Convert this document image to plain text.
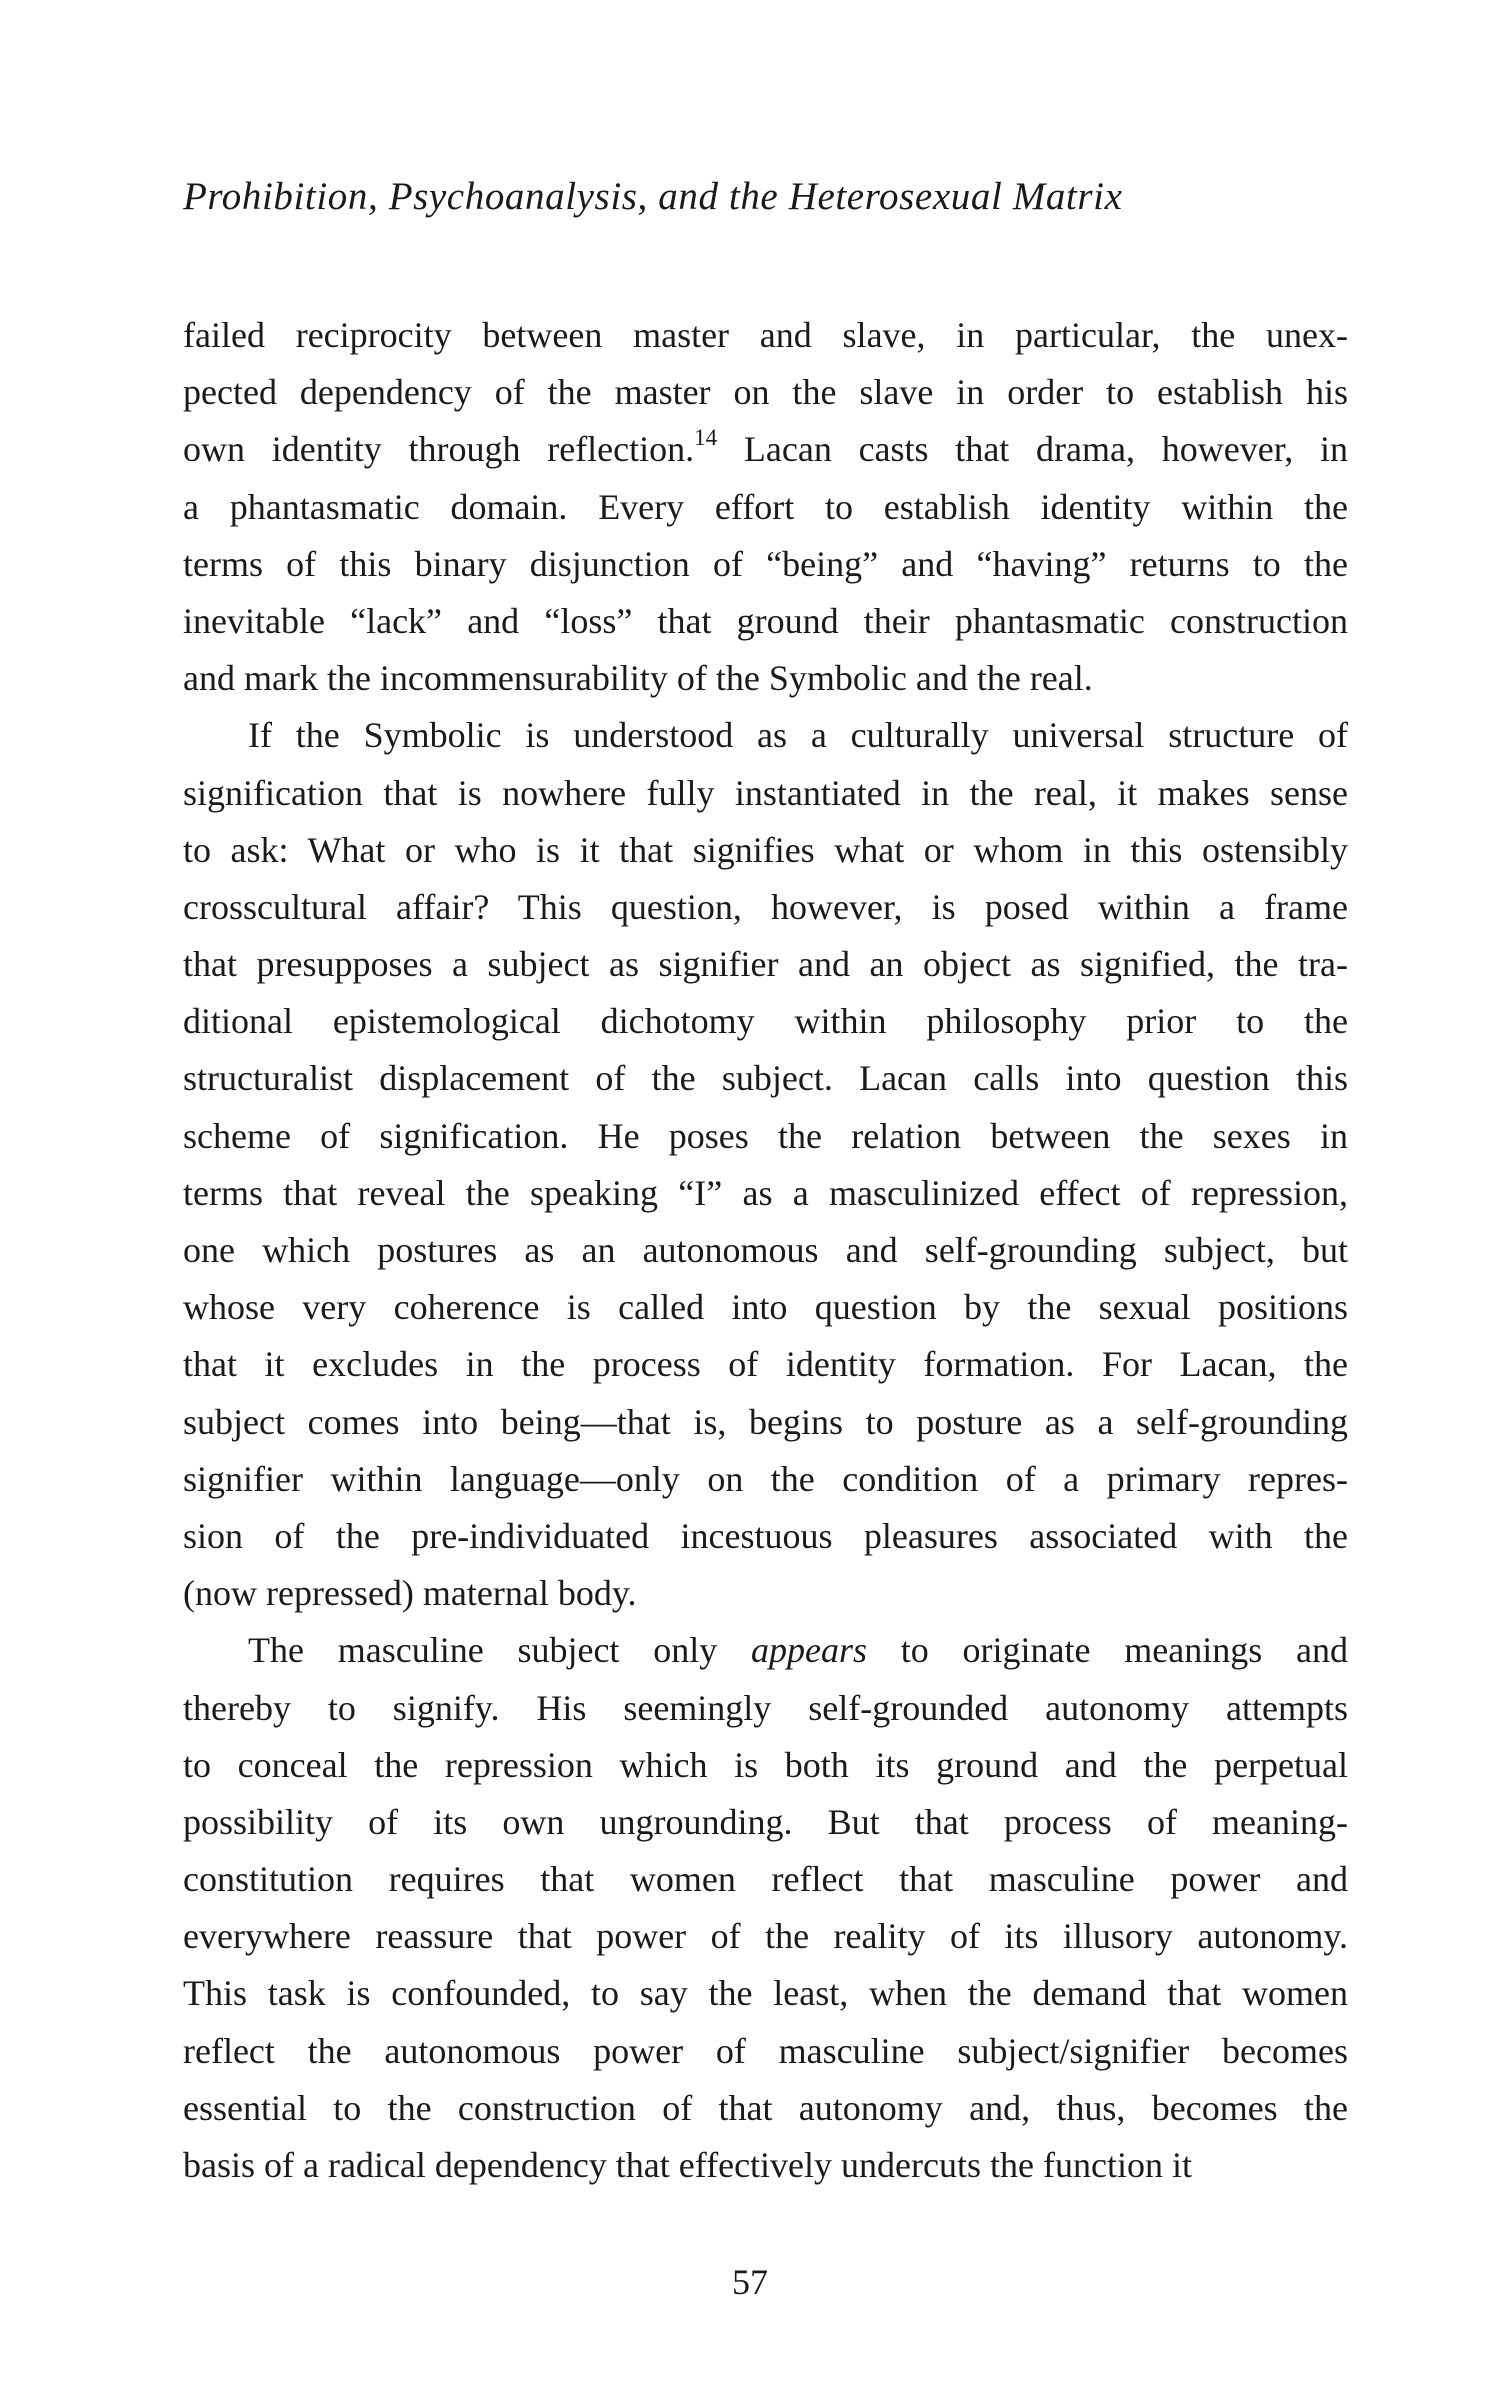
Prohibition, Psychoanalysis, and the Heterosexual Matrix
failed reciprocity between master and slave, in particular, the unex-
pected dependency of the master on the slave in order to establish his
own identity through reflection.$^{14}$ Lacan casts that drama, however, in
a phantasmatic domain. Every effort to establish identity within the
terms of this binary disjunction of “being” and “having” returns to the
inevitable “lack” and “loss” that ground their phantasmatic construction
and mark the incommensurability of the Symbolic and the real.
If the Symbolic is understood as a culturally universal structure of
signification that is nowhere fully instantiated in the real, it makes sense
to ask: What or who is it that signifies what or whom in this ostensibly
crosscultural affair? This question, however, is posed within a frame
that presupposes a subject as signifier and an object as signified, the tra-
ditional epistemological dichotomy within philosophy prior to the
structuralist displacement of the subject. Lacan calls into question this
scheme of signification. He poses the relation between the sexes in
terms that reveal the speaking “I” as a masculinized effect of repression,
one which postures as an autonomous and self-grounding subject, but
whose very coherence is called into question by the sexual positions
that it excludes in the process of identity formation. For Lacan, the
subject comes into being—that is, begins to posture as a self-grounding
signifier within language—only on the condition of a primary repres-
sion of the pre-individuated incestuous pleasures associated with the
(now repressed) maternal body.
The masculine subject only appears to originate meanings and
thereby to signify. His seemingly self-grounded autonomy attempts
to conceal the repression which is both its ground and the perpetual
possibility of its own ungrounding. But that process of meaning-
constitution requires that women reflect that masculine power and
everywhere reassure that power of the reality of its illusory autonomy.
This task is confounded, to say the least, when the demand that women
reflect the autonomous power of masculine subject/signifier becomes
essential to the construction of that autonomy and, thus, becomes the
basis of a radical dependency that effectively undercuts the function it
57
